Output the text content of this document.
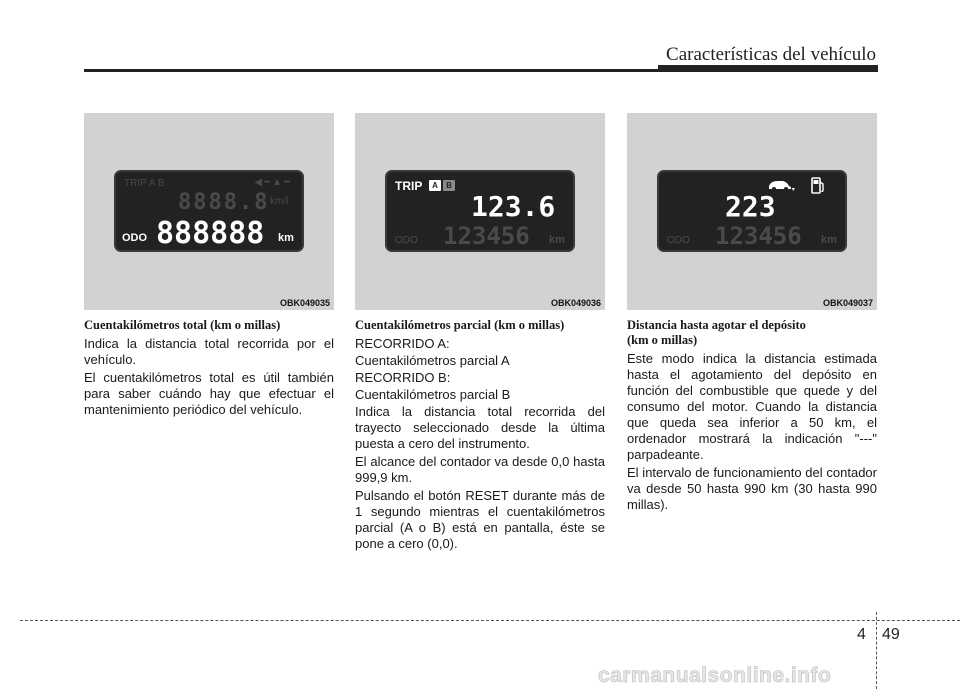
Características del vehículo
TRIP A B	◀━▲━
8888.8 km/l
ODO 888888 km
OBK049035
TRIP	A	B
123.6
ODO 123456 km
OBK049036
223
ODO 123456 km
OBK049037
Cuentakilómetros total (km o millas)

Indica la distancia total recorrida por el vehículo.

El cuentakilómetros total es útil también para saber cuándo hay que efectuar el mantenimiento periódico del vehículo.

Cuentakilómetros parcial (km o millas)

RECORRIDO A:

Cuentakilómetros parcial A

RECORRIDO B:

Cuentakilómetros parcial B

Indica la distancia total recorrida del trayecto seleccionado desde la última puesta a cero del instrumento.

El alcance del contador va desde 0,0 hasta 999,9 km.

Pulsando el botón RESET durante más de 1 segundo mientras el cuentakilómetros parcial (A o B) está en pantalla, éste se pone a cero (0,0).

Distancia hasta agotar el depósito
(km o millas)

Este modo indica la distancia estimada hasta el agotamiento del depósito en función del combustible que quede y del consumo del motor. Cuando la distancia que queda sea inferior a 50 km, el ordenador mostrará la indicación "---" parpadeante.

El intervalo de funcionamiento del contador va desde 50 hasta 990 km (30 hasta 990 millas).

4 49
carmanualsonline.info
